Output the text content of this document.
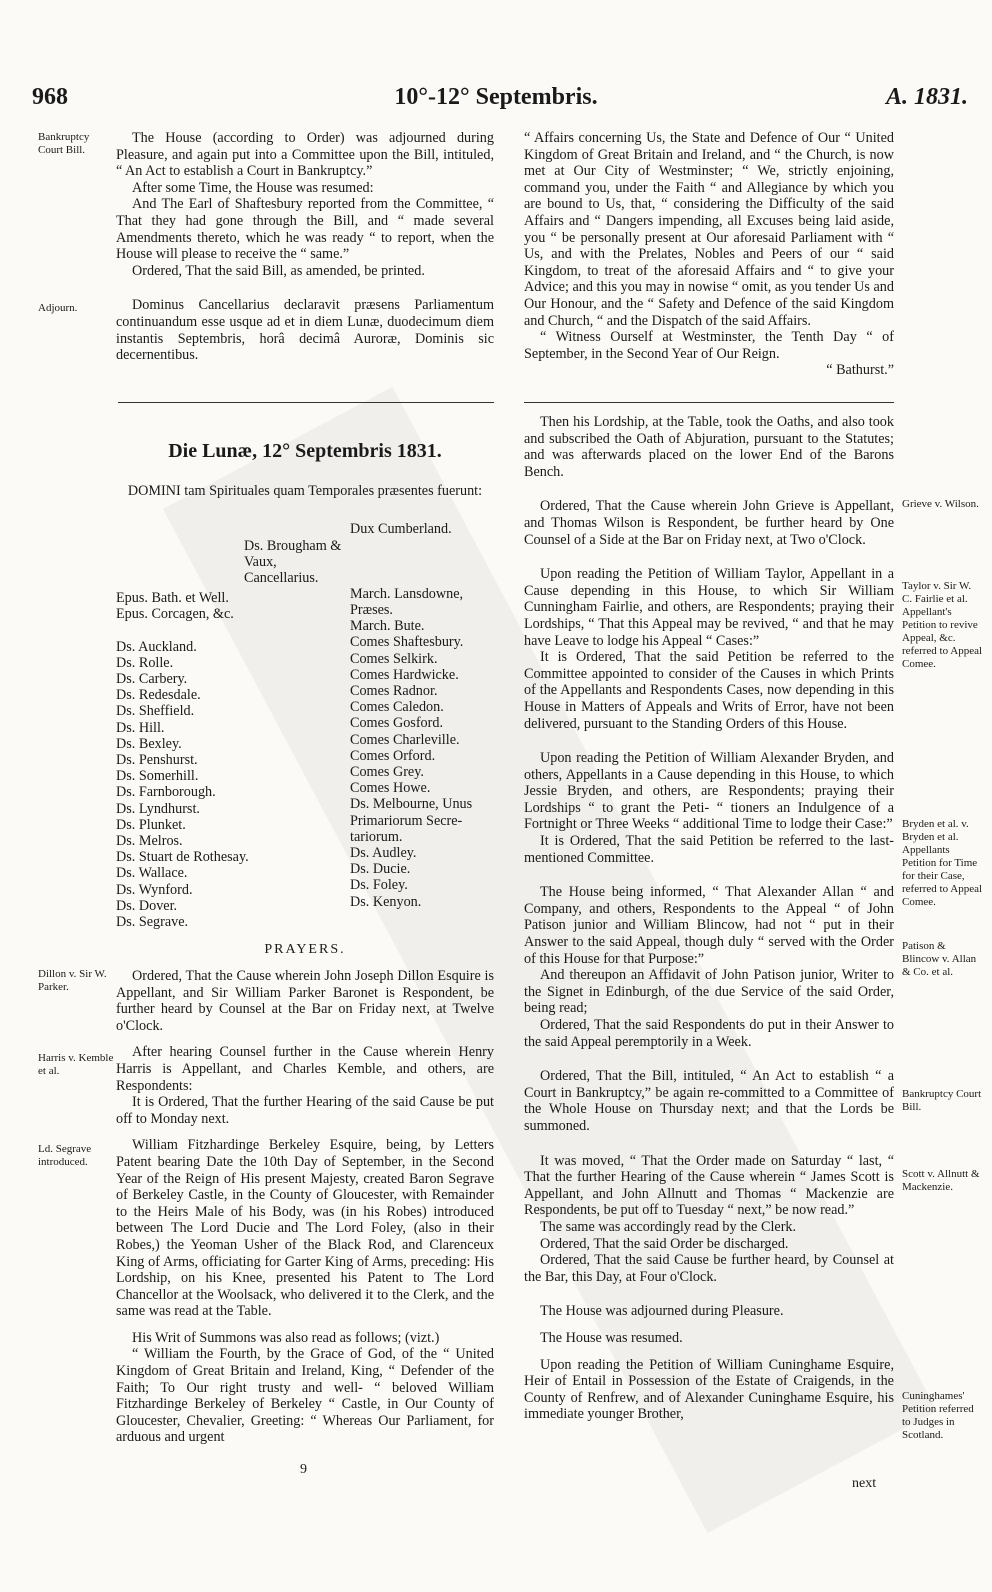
968	10°-12° Septembris.	A. 1831.
Bankruptcy Court Bill.
Adjourn.
Dillon v. Sir W. Parker.
Harris v. Kemble et al.
Ld. Segrave introduced.
Grieve v. Wilson.
Taylor v. Sir W. C. Fairlie et al. Appellant's Petition to revive Appeal, &c. referred to Appeal Comee.
Bryden et al. v. Bryden et al. Appellants Petition for Time for their Case, referred to Appeal Comee.
Patison & Blincow v. Allan & Co. et al.
Bankruptcy Court Bill.
Scott v. Allnutt & Mackenzie.
Cuninghames' Petition referred to Judges in Scotland.

The House (according to Order) was adjourned during Pleasure, and again put into a Committee upon the Bill, intituled, “ An Act to establish a Court in Bankruptcy.”

After some Time, the House was resumed:

And The Earl of Shaftesbury reported from the Committee, “ That they had gone through the Bill, and “ made several Amendments thereto, which he was ready “ to report, when the House will please to receive the “ same.”

Ordered, That the said Bill, as amended, be printed.

Dominus Cancellarius declaravit præsens Parliamentum continuandum esse usque ad et in diem Lunæ, duodecimum diem instantis Septembris, horâ decimâ Auroræ, Dominis sic decernentibus.

Die Lunæ, 12° Septembris 1831.
DOMINI tam Spirituales quam Temporales præsentes fuerunt:
Ds. Brougham & Vaux, Cancellarius.
Epus. Bath. et Well.
Epus. Corcagen, &c.

Ds. Auckland.
Ds. Rolle.
Ds. Carbery.
Ds. Redesdale.
Ds. Sheffield.
Ds. Hill.
Ds. Bexley.
Ds. Penshurst.
Ds. Somerhill.
Ds. Farnborough.
Ds. Lyndhurst.
Ds. Plunket.
Ds. Melros.
Ds. Stuart de Rothesay.
Ds. Wallace.
Ds. Wynford.
Ds. Dover.
Ds. Segrave.
Dux Cumberland.

March. Lansdowne,
Præses.
March. Bute.
Comes Shaftesbury.
Comes Selkirk.
Comes Hardwicke.
Comes Radnor.
Comes Caledon.
Comes Gosford.
Comes Charleville.
Comes Orford.
Comes Grey.
Comes Howe.
Ds. Melbourne, Unus
Primariorum Secre-
tariorum.
Ds. Audley.
Ds. Ducie.
Ds. Foley.
Ds. Kenyon.
PRAYERS.

Ordered, That the Cause wherein John Joseph Dillon Esquire is Appellant, and Sir William Parker Baronet is Respondent, be further heard by Counsel at the Bar on Friday next, at Twelve o'Clock.

After hearing Counsel further in the Cause wherein Henry Harris is Appellant, and Charles Kemble, and others, are Respondents:

It is Ordered, That the further Hearing of the said Cause be put off to Monday next.

William Fitzhardinge Berkeley Esquire, being, by Letters Patent bearing Date the 10th Day of September, in the Second Year of the Reign of His present Majesty, created Baron Segrave of Berkeley Castle, in the County of Gloucester, with Remainder to the Heirs Male of his Body, was (in his Robes) introduced between The Lord Ducie and The Lord Foley, (also in their Robes,) the Yeoman Usher of the Black Rod, and Clarenceux King of Arms, officiating for Garter King of Arms, preceding: His Lordship, on his Knee, presented his Patent to The Lord Chancellor at the Woolsack, who delivered it to the Clerk, and the same was read at the Table.

His Writ of Summons was also read as follows; (vizt.)

“ William the Fourth, by the Grace of God, of the “ United Kingdom of Great Britain and Ireland, King, “ Defender of the Faith; To Our right trusty and well- “ beloved William Fitzhardinge Berkeley of Berkeley “ Castle, in Our County of Gloucester, Chevalier, Greeting: “ Whereas Our Parliament, for arduous and urgent

“ Affairs concerning Us, the State and Defence of Our “ United Kingdom of Great Britain and Ireland, and “ the Church, is now met at Our City of Westminster; “ We, strictly enjoining, command you, under the Faith “ and Allegiance by which you are bound to Us, that, “ considering the Difficulty of the said Affairs and “ Dangers impending, all Excuses being laid aside, you “ be personally present at Our aforesaid Parliament with “ Us, and with the Prelates, Nobles and Peers of our “ said Kingdom, to treat of the aforesaid Affairs and “ to give your Advice; and this you may in nowise “ omit, as you tender Us and Our Honour, and the “ Safety and Defence of the said Kingdom and Church, “ and the Dispatch of the said Affairs.

“ Witness Ourself at Westminster, the Tenth Day “ of September, in the Second Year of Our Reign.

“ Bathurst.”

Then his Lordship, at the Table, took the Oaths, and also took and subscribed the Oath of Abjuration, pursuant to the Statutes; and was afterwards placed on the lower End of the Barons Bench.

Ordered, That the Cause wherein John Grieve is Appellant, and Thomas Wilson is Respondent, be further heard by One Counsel of a Side at the Bar on Friday next, at Two o'Clock.

Upon reading the Petition of William Taylor, Appellant in a Cause depending in this House, to which Sir William Cunningham Fairlie, and others, are Respondents; praying their Lordships, “ That this Appeal may be revived, “ and that he may have Leave to lodge his Appeal “ Cases:”

It is Ordered, That the said Petition be referred to the Committee appointed to consider of the Causes in which Prints of the Appellants and Respondents Cases, now depending in this House in Matters of Appeals and Writs of Error, have not been delivered, pursuant to the Standing Orders of this House.

Upon reading the Petition of William Alexander Bryden, and others, Appellants in a Cause depending in this House, to which Jessie Bryden, and others, are Respondents; praying their Lordships “ to grant the Peti- “ tioners an Indulgence of a Fortnight or Three Weeks “ additional Time to lodge their Case:”

It is Ordered, That the said Petition be referred to the last-mentioned Committee.

The House being informed, “ That Alexander Allan “ and Company, and others, Respondents to the Appeal “ of John Patison junior and William Blincow, had not “ put in their Answer to the said Appeal, though duly “ served with the Order of this House for that Purpose:”

And thereupon an Affidavit of John Patison junior, Writer to the Signet in Edinburgh, of the due Service of the said Order, being read;

Ordered, That the said Respondents do put in their Answer to the said Appeal peremptorily in a Week.

Ordered, That the Bill, intituled, “ An Act to establish “ a Court in Bankruptcy,” be again re-committed to a Committee of the Whole House on Thursday next; and that the Lords be summoned.

It was moved, “ That the Order made on Saturday “ last, “ That the further Hearing of the Cause wherein “ James Scott is Appellant, and John Allnutt and Thomas “ Mackenzie are Respondents, be put off to Tuesday “ next,” be now read.”

The same was accordingly read by the Clerk.

Ordered, That the said Order be discharged.

Ordered, That the said Cause be further heard, by Counsel at the Bar, this Day, at Four o'Clock.

The House was adjourned during Pleasure.

The House was resumed.

Upon reading the Petition of William Cuninghame Esquire, Heir of Entail in Possession of the Estate of Craigends, in the County of Renfrew, and of Alexander Cuninghame Esquire, his immediate younger Brother,

9
next
